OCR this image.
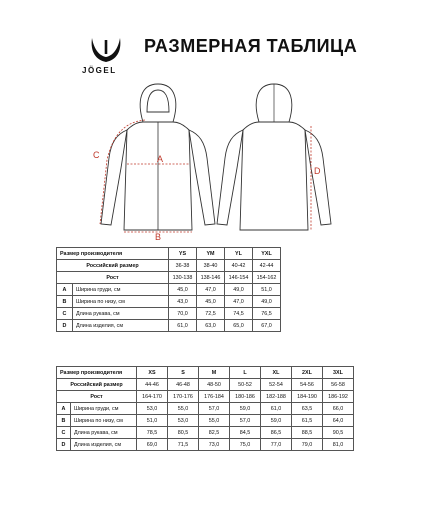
JÖGEL
РАЗМЕРНАЯ ТАБЛИЦА
A
B
C
D
Размер производителя		YS	YM	YL	YXL
Российский размер		36-38	38-40	40-42	42-44
Рост		130-138	138-146	146-154	154-162
A	Ширина груди, см	45,0	47,0	49,0	51,0
B	Ширина по низу, см	43,0	45,0	47,0	49,0
C	Длина рукава, см	70,0	72,5	74,5	76,5
D	Длина изделия, см	61,0	63,0	65,0	67,0
Размер производителя		XS	S	M	L	XL	2XL	3XL
Российский размер		44-46	46-48	48-50	50-52	52-54	54-56	56-58
Рост		164-170	170-176	176-184	180-186	182-188	184-190	186-192
A	Ширина груди, см	53,0	55,0	57,0	59,0	61,0	63,5	66,0
B	Ширина по низу, см	51,0	53,0	55,0	57,0	59,0	61,5	64,0
C	Длина рукава, см	78,5	80,5	82,5	84,5	86,5	88,5	90,5
D	Длина изделия, см	69,0	71,5	73,0	75,0	77,0	79,0	81,0
